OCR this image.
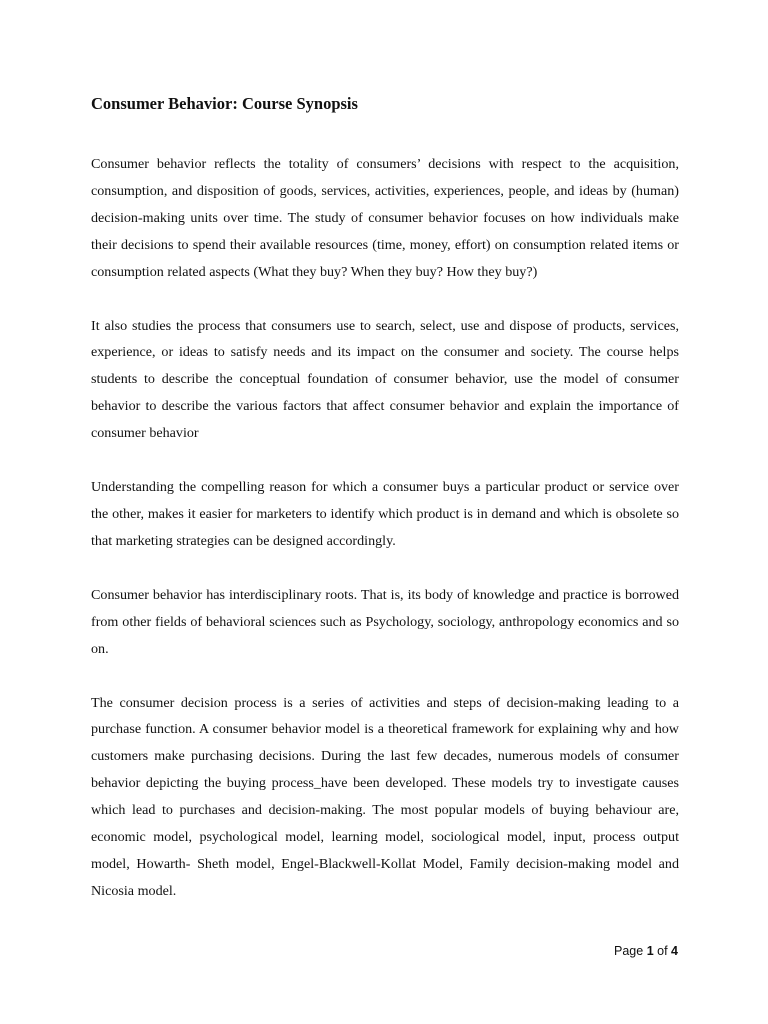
Consumer Behavior: Course Synopsis

Consumer behavior reflects the totality of consumers’ decisions with respect to the acquisition, consumption, and disposition of goods, services, activities, experiences, people, and ideas by (human) decision-making units over time. The study of consumer behavior focuses on how individuals make their decisions to spend their available resources (time, money, effort) on consumption related items or consumption related aspects (What they buy? When they buy? How they buy?)

It also studies the process that consumers use to search, select, use and dispose of products, services, experience, or ideas to satisfy needs and its impact on the consumer and society. The course helps students to describe the conceptual foundation of consumer behavior, use the model of consumer behavior to describe the various factors that affect consumer behavior and explain the importance of consumer behavior

Understanding the compelling reason for which a consumer buys a particular product or service over the other, makes it easier for marketers to identify which product is in demand and which is obsolete so that marketing strategies can be designed accordingly.

Consumer behavior has interdisciplinary roots. That is, its body of knowledge and practice is borrowed from other fields of behavioral sciences such as Psychology, sociology, anthropology economics and so on.

The consumer decision process is a series of activities and steps of decision-making leading to a purchase function. A consumer behavior model is a theoretical framework for explaining why and how customers make purchasing decisions. During the last few decades, numerous models of consumer behavior depicting the buying process_have been developed. These models try to investigate causes which lead to purchases and decision-making. The most popular models of buying behaviour are, economic model, psychological model, learning model, sociological model, input, process output model, Howarth- Sheth model, Engel-Blackwell-Kollat Model, Family decision-making model and Nicosia model.

Page 1 of 4
